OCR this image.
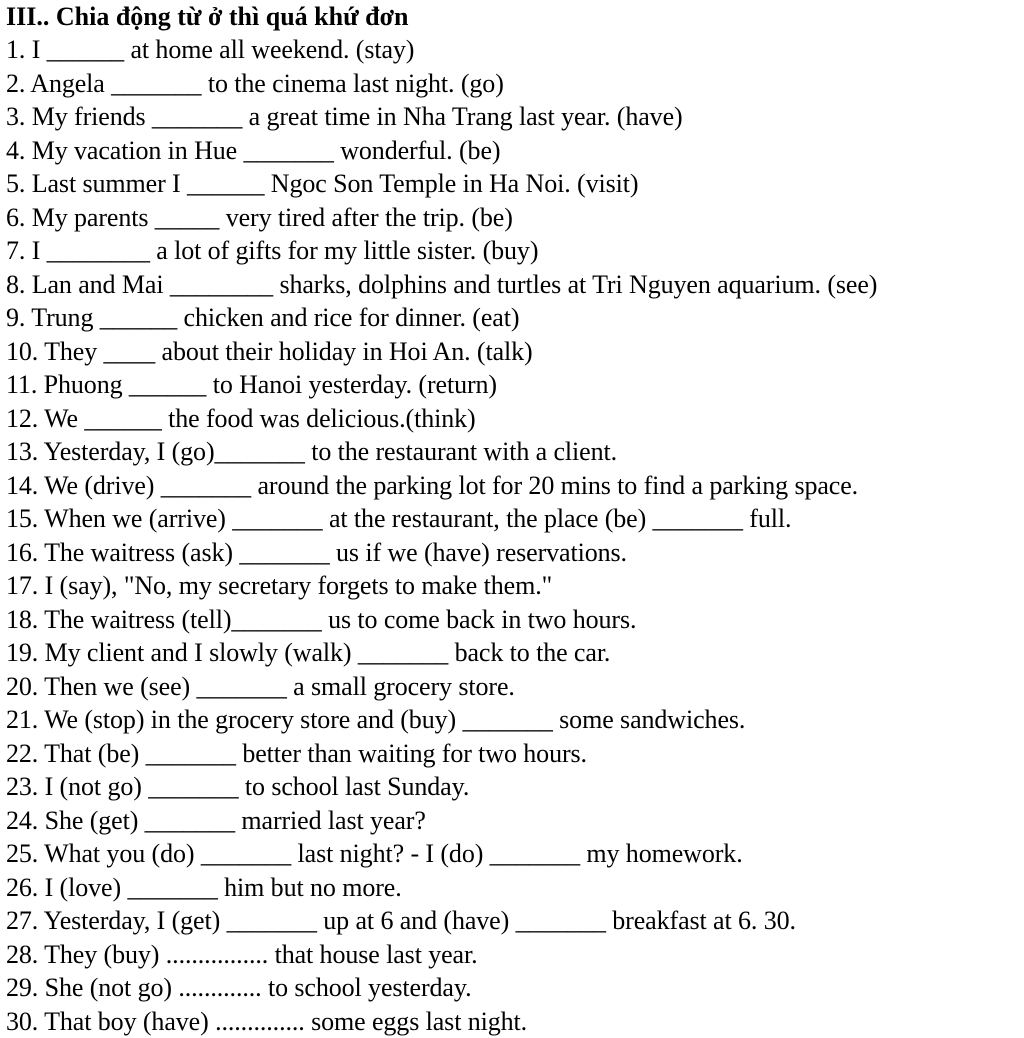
III.. Chia động từ ở thì quá khứ đơn
1. I ______ at home all weekend. (stay)
2. Angela _______ to the cinema last night. (go)
3. My friends _______ a great time in Nha Trang last year. (have)
4. My vacation in Hue _______ wonderful. (be)
5. Last summer I ______ Ngoc Son Temple in Ha Noi. (visit)
6. My parents _____ very tired after the trip. (be)
7. I ________ a lot of gifts for my little sister. (buy)
8. Lan and Mai ________ sharks, dolphins and turtles at Tri Nguyen aquarium. (see)
9. Trung ______ chicken and rice for dinner. (eat)
10. They ____ about their holiday in Hoi An. (talk)
11. Phuong ______ to Hanoi yesterday. (return)
12. We ______ the food was delicious.(think)
13. Yesterday, I (go)_______ to the restaurant with a client.
14. We (drive) _______ around the parking lot for 20 mins to find a parking space.
15. When we (arrive) _______ at the restaurant, the place (be) _______ full.
16. The waitress (ask) _______ us if we (have) reservations.
17. I (say), "No, my secretary forgets to make them."
18. The waitress (tell)_______ us to come back in two hours.
19. My client and I slowly (walk) _______ back to the car.
20. Then we (see) _______ a small grocery store.
21. We (stop) in the grocery store and (buy) _______ some sandwiches.
22. That (be) _______ better than waiting for two hours.
23. I (not go) _______ to school last Sunday.
24. She (get) _______ married last year?
25. What you (do) _______ last night? - I (do) _______ my homework.
26. I (love) _______ him but no more.
27. Yesterday, I (get) _______ up at 6 and (have) _______ breakfast at 6. 30.
28. They (buy) ................ that house last year.
29. She (not go) ............. to school yesterday.
30. That boy (have) .............. some eggs last night.
